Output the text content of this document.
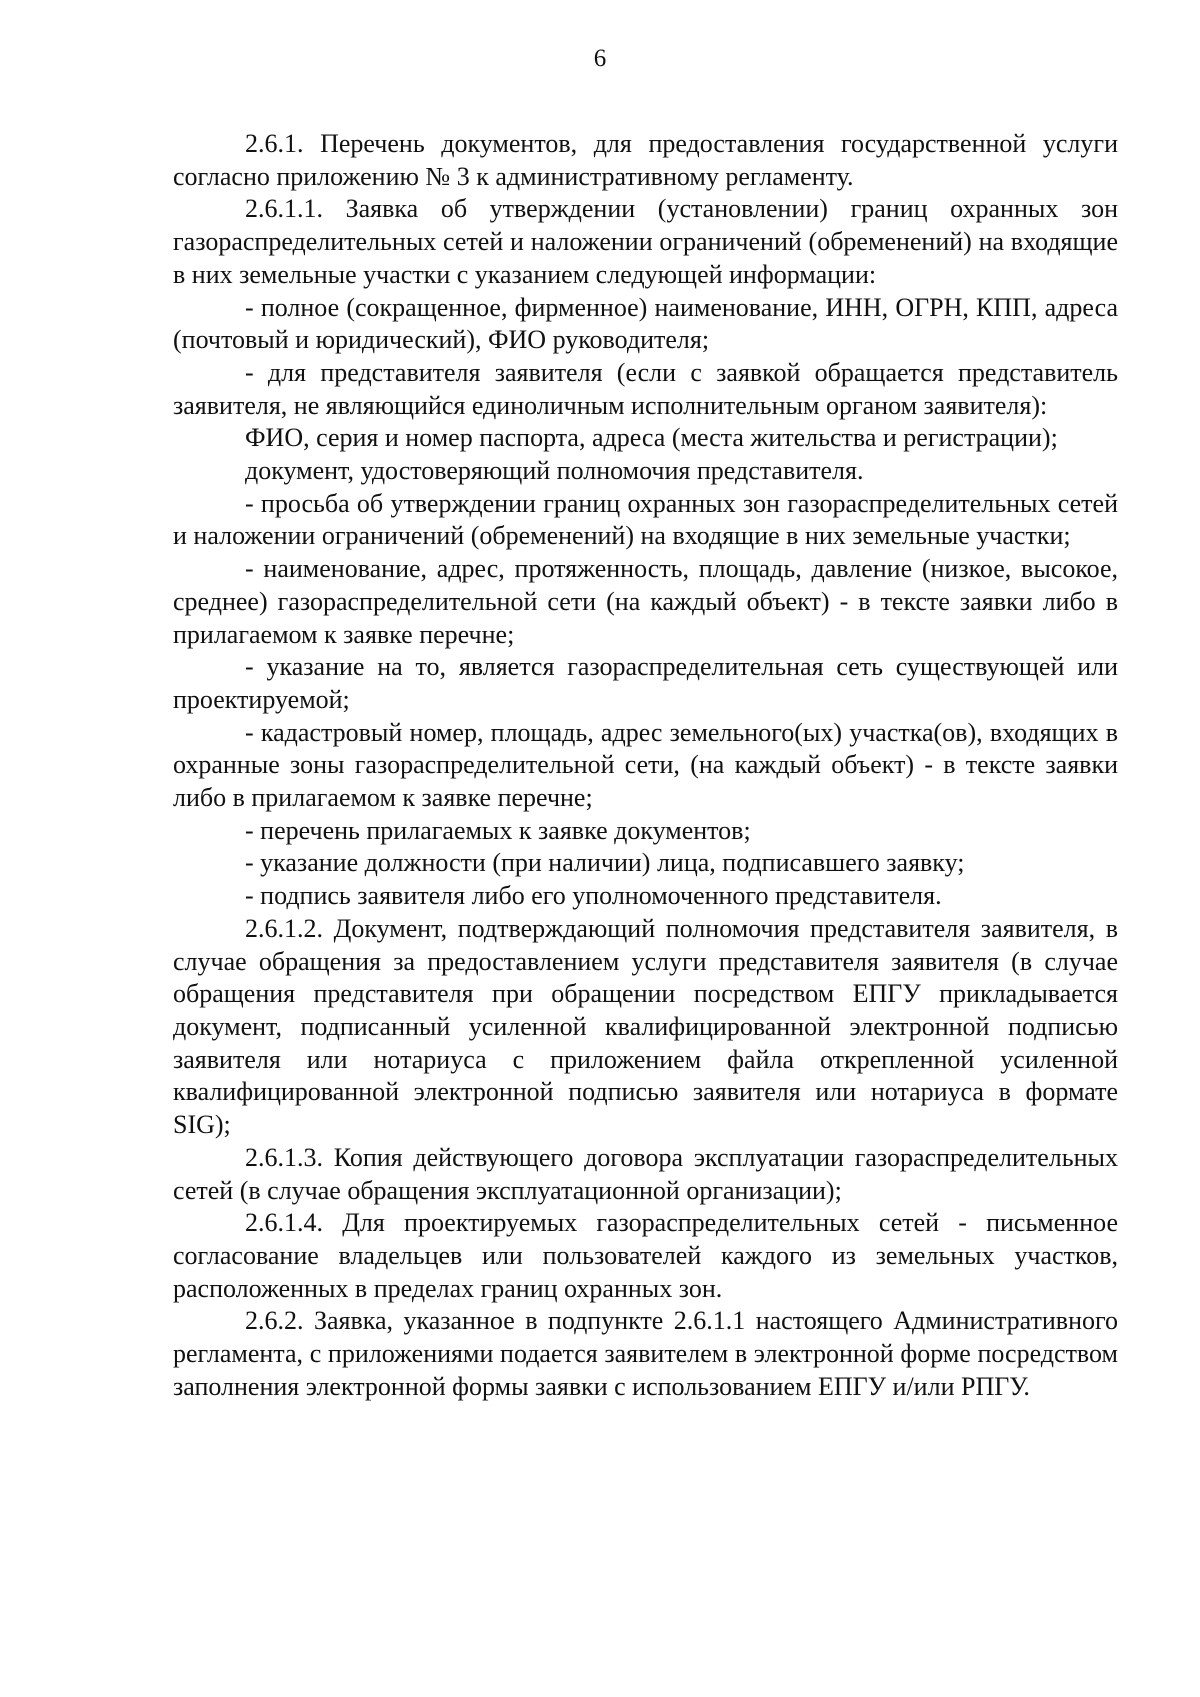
6

2.6.1. Перечень документов, для предоставления государственной услуги согласно приложению № 3 к административному регламенту.

2.6.1.1. Заявка об утверждении (установлении) границ охранных зон газораспределительных сетей и наложении ограничений (обременений) на входящие в них земельные участки с указанием следующей информации:

- полное (сокращенное, фирменное) наименование, ИНН, ОГРН, КПП, адреса (почтовый и юридический), ФИО руководителя;

- для представителя заявителя (если с заявкой обращается представитель заявителя, не являющийся единоличным исполнительным органом заявителя):

ФИО, серия и номер паспорта, адреса (места жительства и регистрации);

документ, удостоверяющий полномочия представителя.

- просьба об утверждении границ охранных зон газораспределительных сетей и наложении ограничений (обременений) на входящие в них земельные участки;

- наименование, адрес, протяженность, площадь, давление (низкое, высокое, среднее) газораспределительной сети (на каждый объект) - в тексте заявки либо в прилагаемом к заявке перечне;

- указание на то, является газораспределительная сеть существующей или проектируемой;

- кадастровый номер, площадь, адрес земельного(ых) участка(ов), входящих в охранные зоны газораспределительной сети, (на каждый объект) - в тексте заявки либо в прилагаемом к заявке перечне;

- перечень прилагаемых к заявке документов;

- указание должности (при наличии) лица, подписавшего заявку;

- подпись заявителя либо его уполномоченного представителя.

2.6.1.2. Документ, подтверждающий полномочия представителя заявителя, в случае обращения за предоставлением услуги представителя заявителя (в случае обращения представителя при обращении посредством ЕПГУ прикладывается документ, подписанный усиленной квалифицированной электронной подписью заявителя или нотариуса с приложением файла открепленной усиленной квалифицированной электронной подписью заявителя или нотариуса в формате SIG);

2.6.1.3. Копия действующего договора эксплуатации газораспределительных сетей (в случае обращения эксплуатационной организации);

2.6.1.4. Для проектируемых газораспределительных сетей - письменное согласование владельцев или пользователей каждого из земельных участков, расположенных в пределах границ охранных зон.

2.6.2. Заявка, указанное в подпункте 2.6.1.1 настоящего Административного регламента, с приложениями подается заявителем в электронной форме посредством заполнения электронной формы заявки с использованием ЕПГУ и/или РПГУ.
